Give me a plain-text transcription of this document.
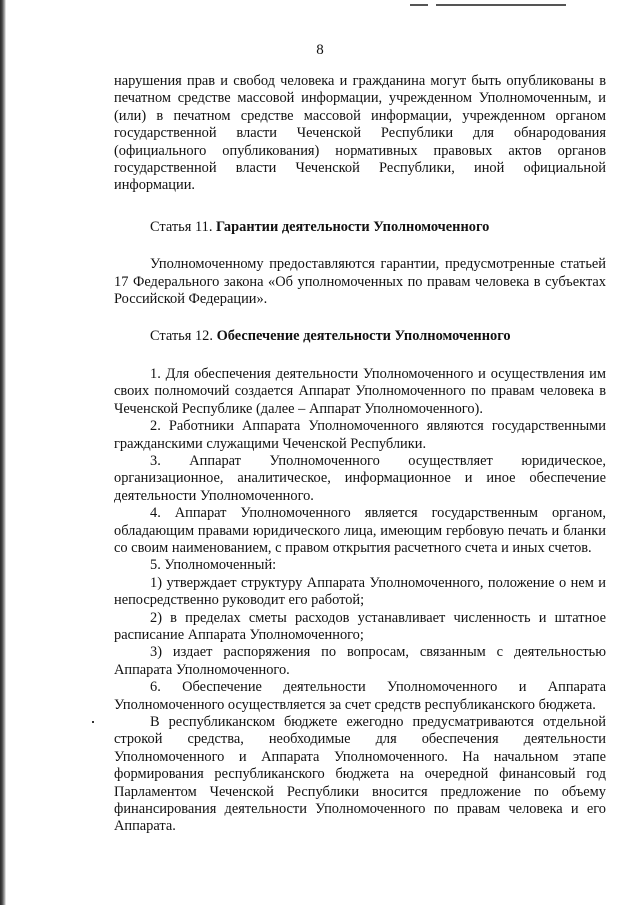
8

нарушения прав и свобод человека и гражданина могут быть опубликованы в печатном средстве массовой информации, учрежденном Уполномоченным, и (или) в печатном средстве массовой информации, учрежденном органом государственной власти Чеченской Республики для обнародования (официального опубликования) нормативных правовых актов органов государственной власти Чеченской Республики, иной официальной информации.

Статья 11. Гарантии деятельности Уполномоченного

Уполномоченному предоставляются гарантии, предусмотренные статьей 17 Федерального закона «Об уполномоченных по правам человека в субъектах Российской Федерации».

Статья 12. Обеспечение деятельности Уполномоченного

1. Для обеспечения деятельности Уполномоченного и осуществления им своих полномочий создается Аппарат Уполномоченного по правам человека в Чеченской Республике (далее – Аппарат Уполномоченного).

2. Работники Аппарата Уполномоченного являются государственными гражданскими служащими Чеченской Республики.

3. Аппарат Уполномоченного осуществляет юридическое, организационное, аналитическое, информационное и иное обеспечение деятельности Уполномоченного.

4. Аппарат Уполномоченного является государственным органом, обладающим правами юридического лица, имеющим гербовую печать и бланки со своим наименованием, с правом открытия расчетного счета и иных счетов.

5. Уполномоченный:

1) утверждает структуру Аппарата Уполномоченного, положение о нем и непосредственно руководит его работой;

2) в пределах сметы расходов устанавливает численность и штатное расписание Аппарата Уполномоченного;

3) издает распоряжения по вопросам, связанным с деятельностью Аппарата Уполномоченного.

6. Обеспечение деятельности Уполномоченного и Аппарата Уполномоченного осуществляется за счет средств республиканского бюджета.

В республиканском бюджете ежегодно предусматриваются отдельной строкой средства, необходимые для обеспечения деятельности Уполномоченного и Аппарата Уполномоченного. На начальном этапе формирования республиканского бюджета на очередной финансовый год Парламентом Чеченской Республики вносится предложение по объему финансирования деятельности Уполномоченного по правам человека и его Аппарата.
